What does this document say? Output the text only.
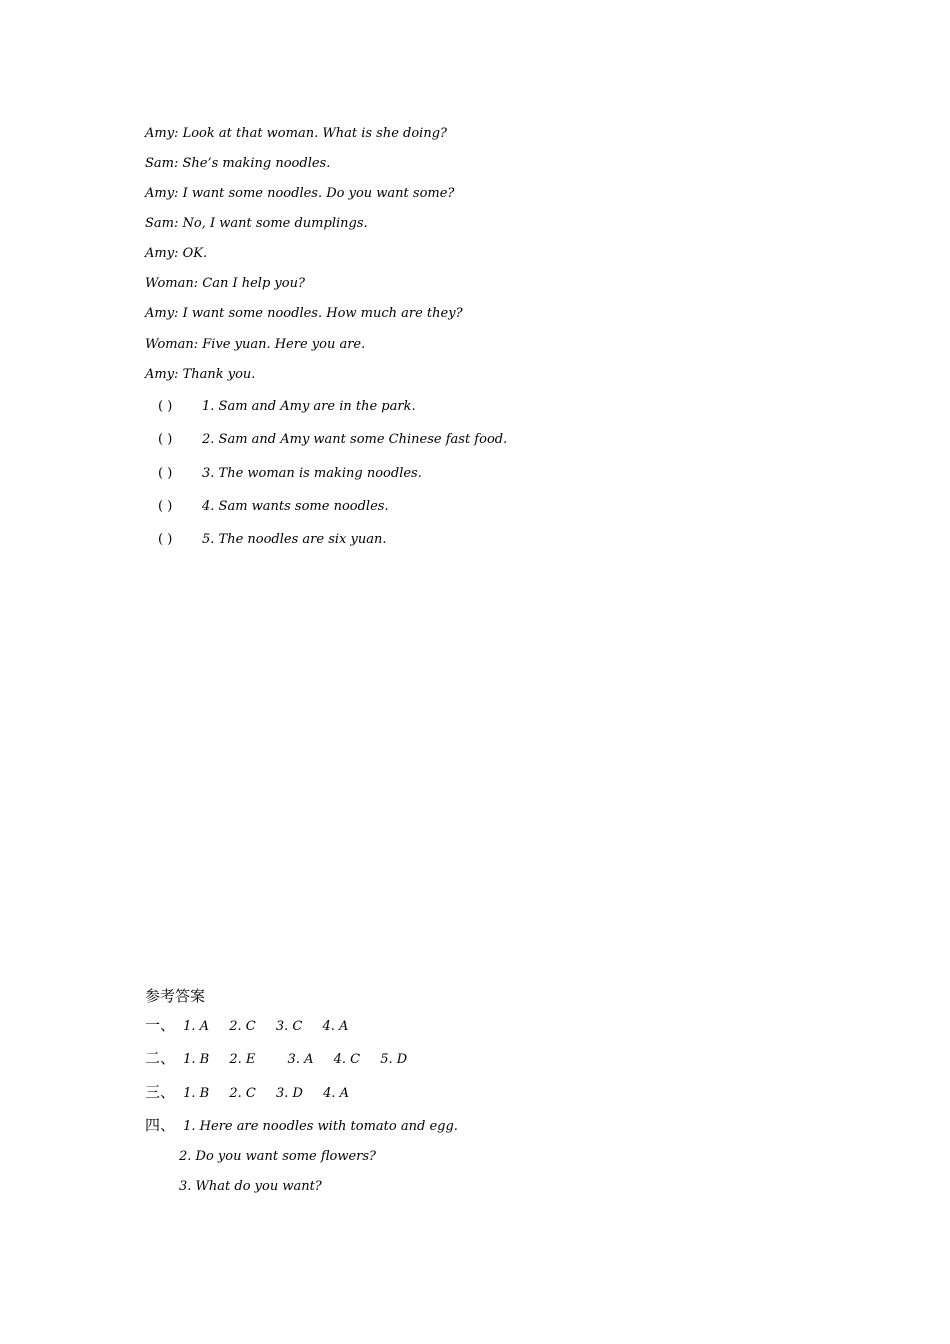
Amy: Look at that woman. What is she doing?
Sam: She’s making noodles.
Amy: I want some noodles. Do you want some?
Sam: No, I want some dumplings.
Amy: OK.
Woman: Can I help you?
Amy: I want some noodles. How much are they?
Woman: Five yuan. Here you are.
Amy: Thank you.
( ) 1. Sam and Amy are in the park.
( ) 2. Sam and Amy want some Chinese fast food.
( ) 3. The woman is making noodles.
( ) 4. Sam wants some noodles.
( ) 5. The noodles are six yuan.
参考答案
一、 1. A 2. C 3. C 4. A
二、 1. B 2. E 3. A 4. C 5. D
三、 1. B 2. C 3. D 4. A
四、 1. Here are noodles with tomato and egg.
2. Do you want some flowers?
3. What do you want?
